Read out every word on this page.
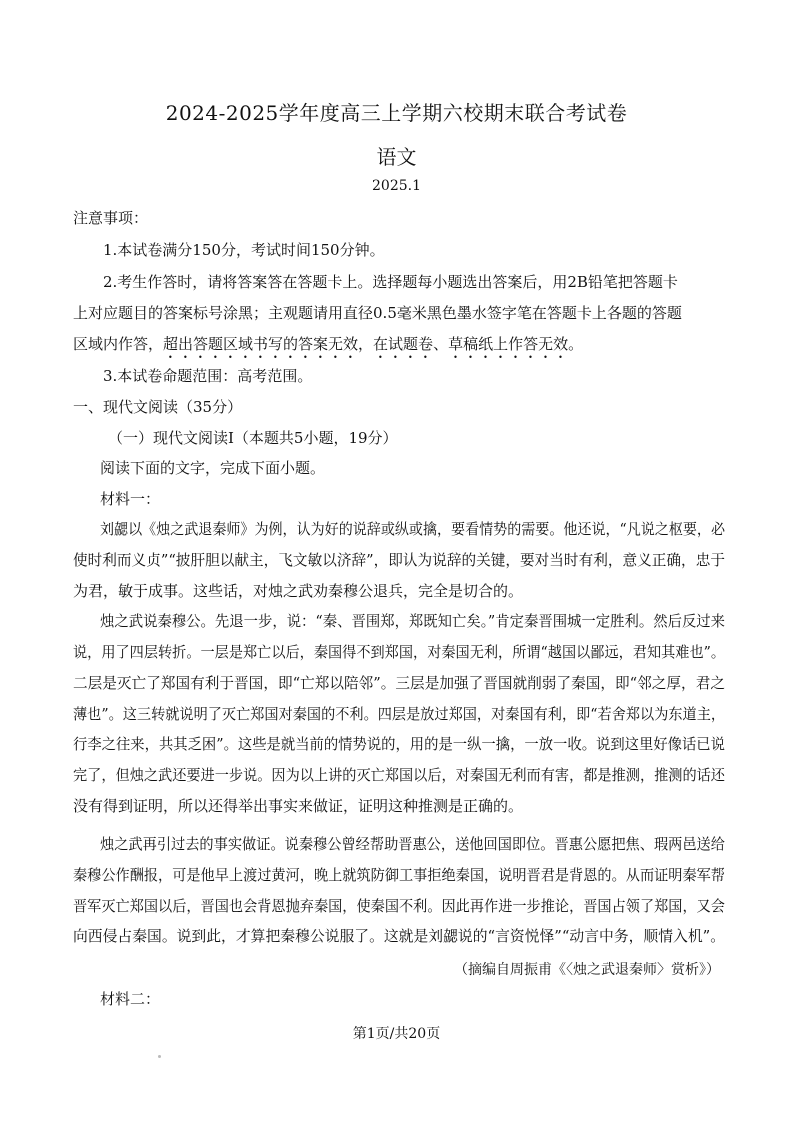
2024-2025学年度高三上学期六校期末联合考试卷
语文
2025.1
注意事项：
1.本试卷满分150分，考试时间150分钟。
2.考生作答时，请将答案答在答题卡上。选择题每小题选出答案后，用2B铅笔把答题卡
上对应题目的答案标号涂黑；主观题请用直径0.5毫米黑色墨水签字笔在答题卡上各题的答题
区域内作答，超出答题区域书写的答案无效，在试题卷、草稿纸上作答无效。
3.本试卷命题范围：高考范围。
一、现代文阅读（35分）
（一）现代文阅读Ⅰ（本题共5小题，19分）
阅读下面的文字，完成下面小题。
材料一：
刘勰以《烛之武退秦师》为例，认为好的说辞或纵或擒，要看情势的需要。他还说，“凡说之枢要，必
使时利而义贞”“披肝胆以献主，飞文敏以济辞”，即认为说辞的关键，要对当时有利，意义正确，忠于
为君，敏于成事。这些话，对烛之武劝秦穆公退兵，完全是切合的。
烛之武说秦穆公。先退一步，说：“秦、晋围郑，郑既知亡矣。”肯定秦晋围城一定胜利。然后反过来
说，用了四层转折。一层是郑亡以后，秦国得不到郑国，对秦国无利，所谓“越国以鄙远，君知其难也”。
二层是灭亡了郑国有利于晋国，即“亡郑以陪邻”。三层是加强了晋国就削弱了秦国，即“邻之厚，君之
薄也”。这三转就说明了灭亡郑国对秦国的不利。四层是放过郑国，对秦国有利，即“若舍郑以为东道主，
行李之往来，共其乏困”。这些是就当前的情势说的，用的是一纵一擒，一放一收。说到这里好像话已说
完了，但烛之武还要进一步说。因为以上讲的灭亡郑国以后，对秦国无利而有害，都是推测，推测的话还
没有得到证明，所以还得举出事实来做证，证明这种推测是正确的。
烛之武再引过去的事实做证。说秦穆公曾经帮助晋惠公，送他回国即位。晋惠公愿把焦、瑕两邑送给
秦穆公作酬报，可是他早上渡过黄河，晚上就筑防御工事拒绝秦国，说明晋君是背恩的。从而证明秦军帮
晋军灭亡郑国以后，晋国也会背恩抛弃秦国，使秦国不利。因此再作进一步推论，晋国占领了郑国，又会
向西侵占秦国。说到此，才算把秦穆公说服了。这就是刘勰说的“言资悦怿”“动言中务，顺情入机”。
（摘编自周振甫《〈烛之武退秦师〉赏析》）
材料二：
第1页/共20页
